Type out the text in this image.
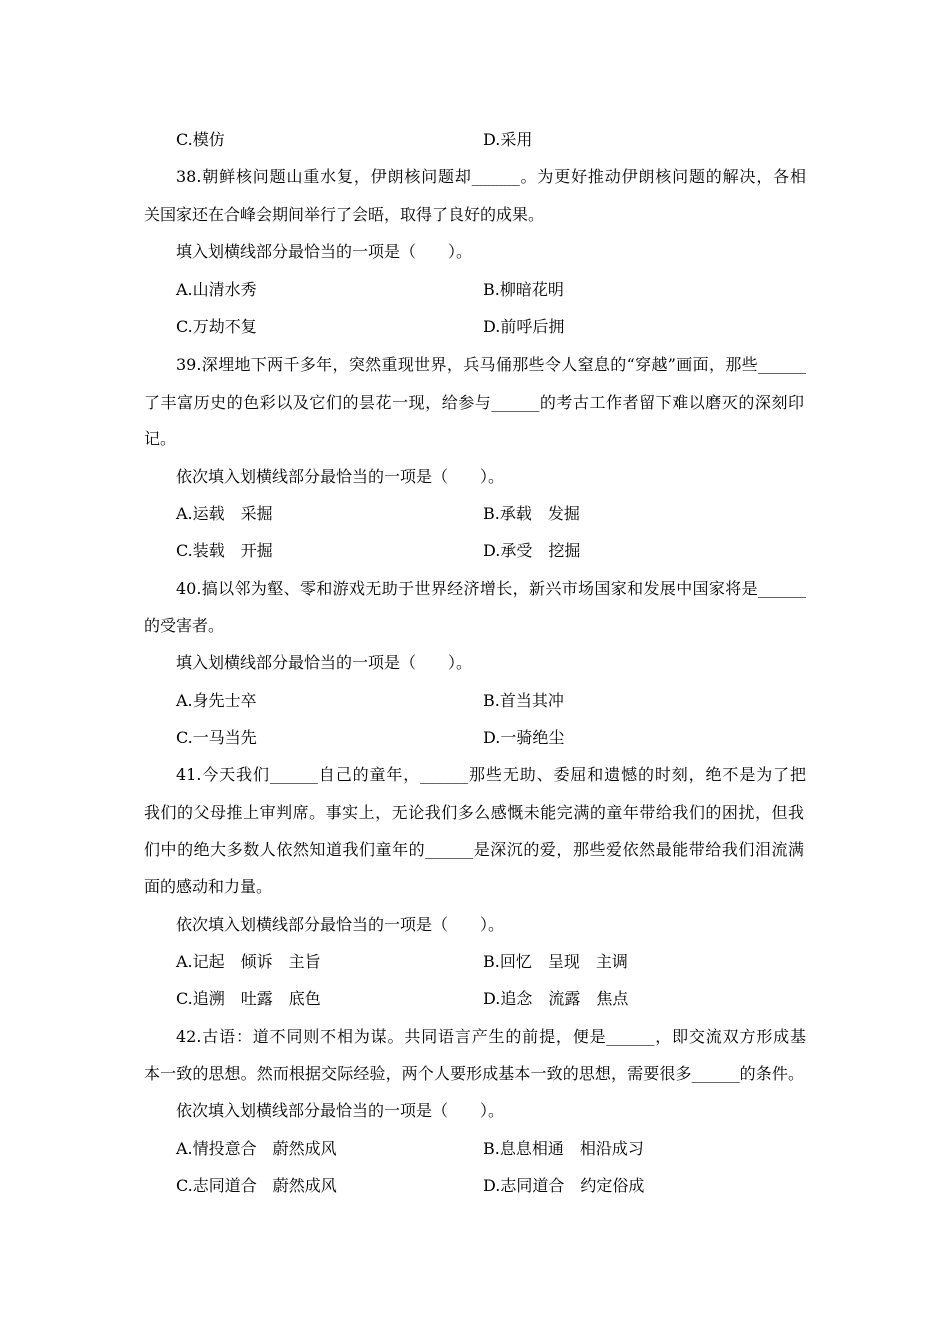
C.模仿	D.采用
38.朝鲜核问题山重水复，伊朗核问题却______。为更好推动伊朗核问题的解决，各相
关国家还在合峰会期间举行了会晤，取得了良好的成果。
填入划横线部分最恰当的一项是（　　）。
A.山清水秀	B.柳暗花明
C.万劫不复	D.前呼后拥
39.深埋地下两千多年，突然重现世界，兵马俑那些令人窒息的“穿越”画面，那些______
了丰富历史的色彩以及它们的昙花一现，给参与______的考古工作者留下难以磨灭的深刻印
记。
依次填入划横线部分最恰当的一项是（　　）。
A.运载　采掘	B.承载　发掘
C.装载　开掘	D.承受　挖掘
40.搞以邻为壑、零和游戏无助于世界经济增长，新兴市场国家和发展中国家将是______
的受害者。
填入划横线部分最恰当的一项是（　　）。
A.身先士卒	B.首当其冲
C.一马当先	D.一骑绝尘
41.今天我们______自己的童年，______那些无助、委屈和遗憾的时刻，绝不是为了把
我们的父母推上审判席。事实上，无论我们多么感慨未能完满的童年带给我们的困扰，但我
们中的绝大多数人依然知道我们童年的______是深沉的爱，那些爱依然最能带给我们泪流满
面的感动和力量。
依次填入划横线部分最恰当的一项是（　　）。
A.记起　倾诉　主旨	B.回忆　呈现　主调
C.追溯　吐露　底色	D.追念　流露　焦点
42.古语：道不同则不相为谋。共同语言产生的前提，便是______，即交流双方形成基
本一致的思想。然而根据交际经验，两个人要形成基本一致的思想，需要很多______的条件。
依次填入划横线部分最恰当的一项是（　　）。
A.情投意合　蔚然成风	B.息息相通　相沿成习
C.志同道合　蔚然成风	D.志同道合　约定俗成
